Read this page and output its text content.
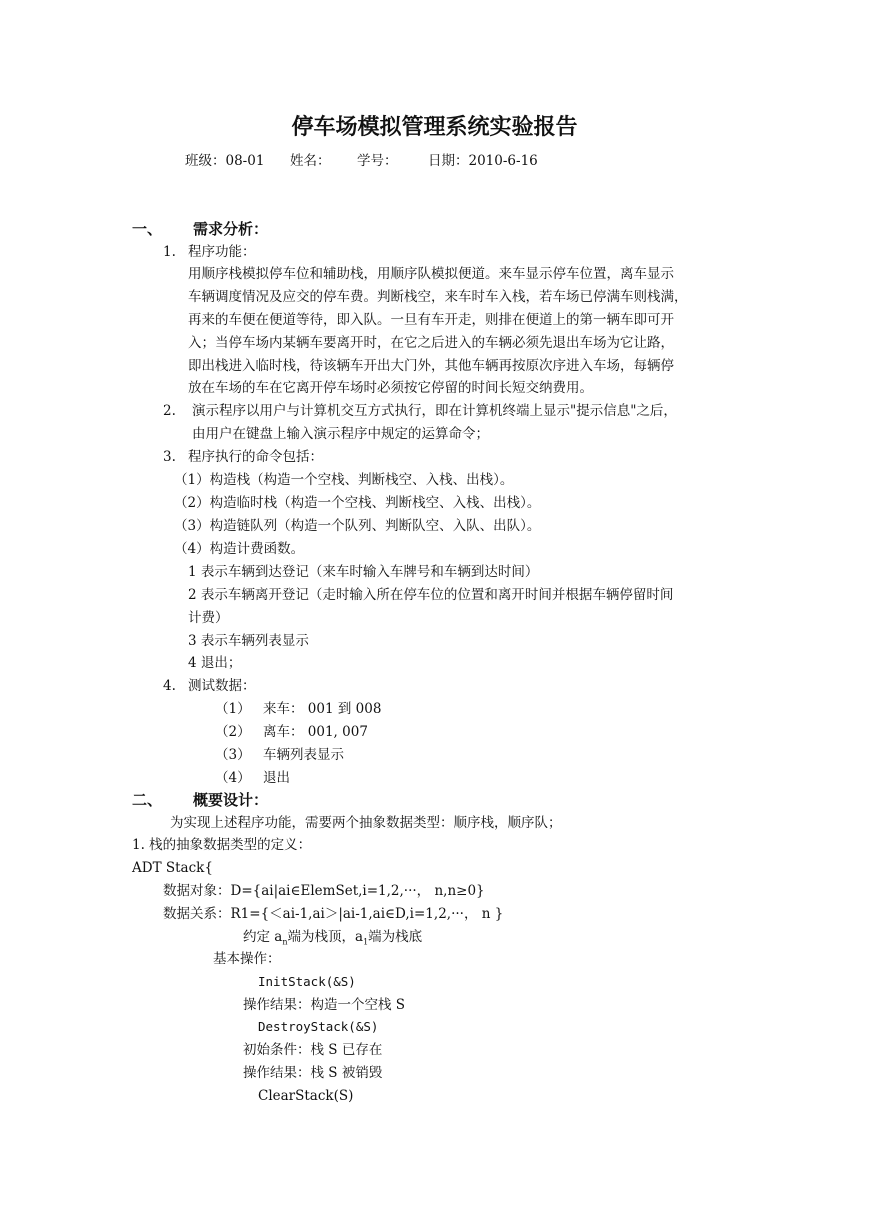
停车场模拟管理系统实验报告
班级：08-01 姓名： 学号： 日期：2010-6-16
一、 需求分析：
1. 程序功能：
用顺序栈模拟停车位和辅助栈，用顺序队模拟便道。来车显示停车位置，离车显示
车辆调度情况及应交的停车费。判断栈空，来车时车入栈，若车场已停满车则栈满，
再来的车便在便道等待，即入队。一旦有车开走，则排在便道上的第一辆车即可开
入；当停车场内某辆车要离开时，在它之后进入的车辆必须先退出车场为它让路，
即出栈进入临时栈，待该辆车开出大门外，其他车辆再按原次序进入车场，每辆停
放在车场的车在它离开停车场时必须按它停留的时间长短交纳费用。
2. 演示程序以用户与计算机交互方式执行，即在计算机终端上显示"提示信息"之后，
由用户在键盘上输入演示程序中规定的运算命令；
3. 程序执行的命令包括：
（1）构造栈（构造一个空栈、判断栈空、入栈、出栈）。
（2）构造临时栈（构造一个空栈、判断栈空、入栈、出栈）。
（3）构造链队列（构造一个队列、判断队空、入队、出队）。
（4）构造计费函数。
1 表示车辆到达登记（来车时输入车牌号和车辆到达时间）
2 表示车辆离开登记（走时输入所在停车位的位置和离开时间并根据车辆停留时间
计费）
3 表示车辆列表显示
4 退出；
4. 测试数据：
（1） 来车： 001 到 008
（2） 离车： 001, 007
（3） 车辆列表显示
（4） 退出
二、 概要设计：
为实现上述程序功能，需要两个抽象数据类型：顺序栈，顺序队；
1. 栈的抽象数据类型的定义：
ADT Stack{
数据对象：D={ai|ai∈ElemSet,i=1,2,···， n,n≥0}
数据关系：R1={＜ai-1,ai＞|ai-1,ai∈D,i=1,2,···， n }
约定 $a_n$端为栈顶，$a_1$端为栈底
基本操作：
InitStack(&S)
操作结果：构造一个空栈 S
DestroyStack(&S)
初始条件：栈 S 已存在
操作结果：栈 S 被销毁
ClearStack(S)
